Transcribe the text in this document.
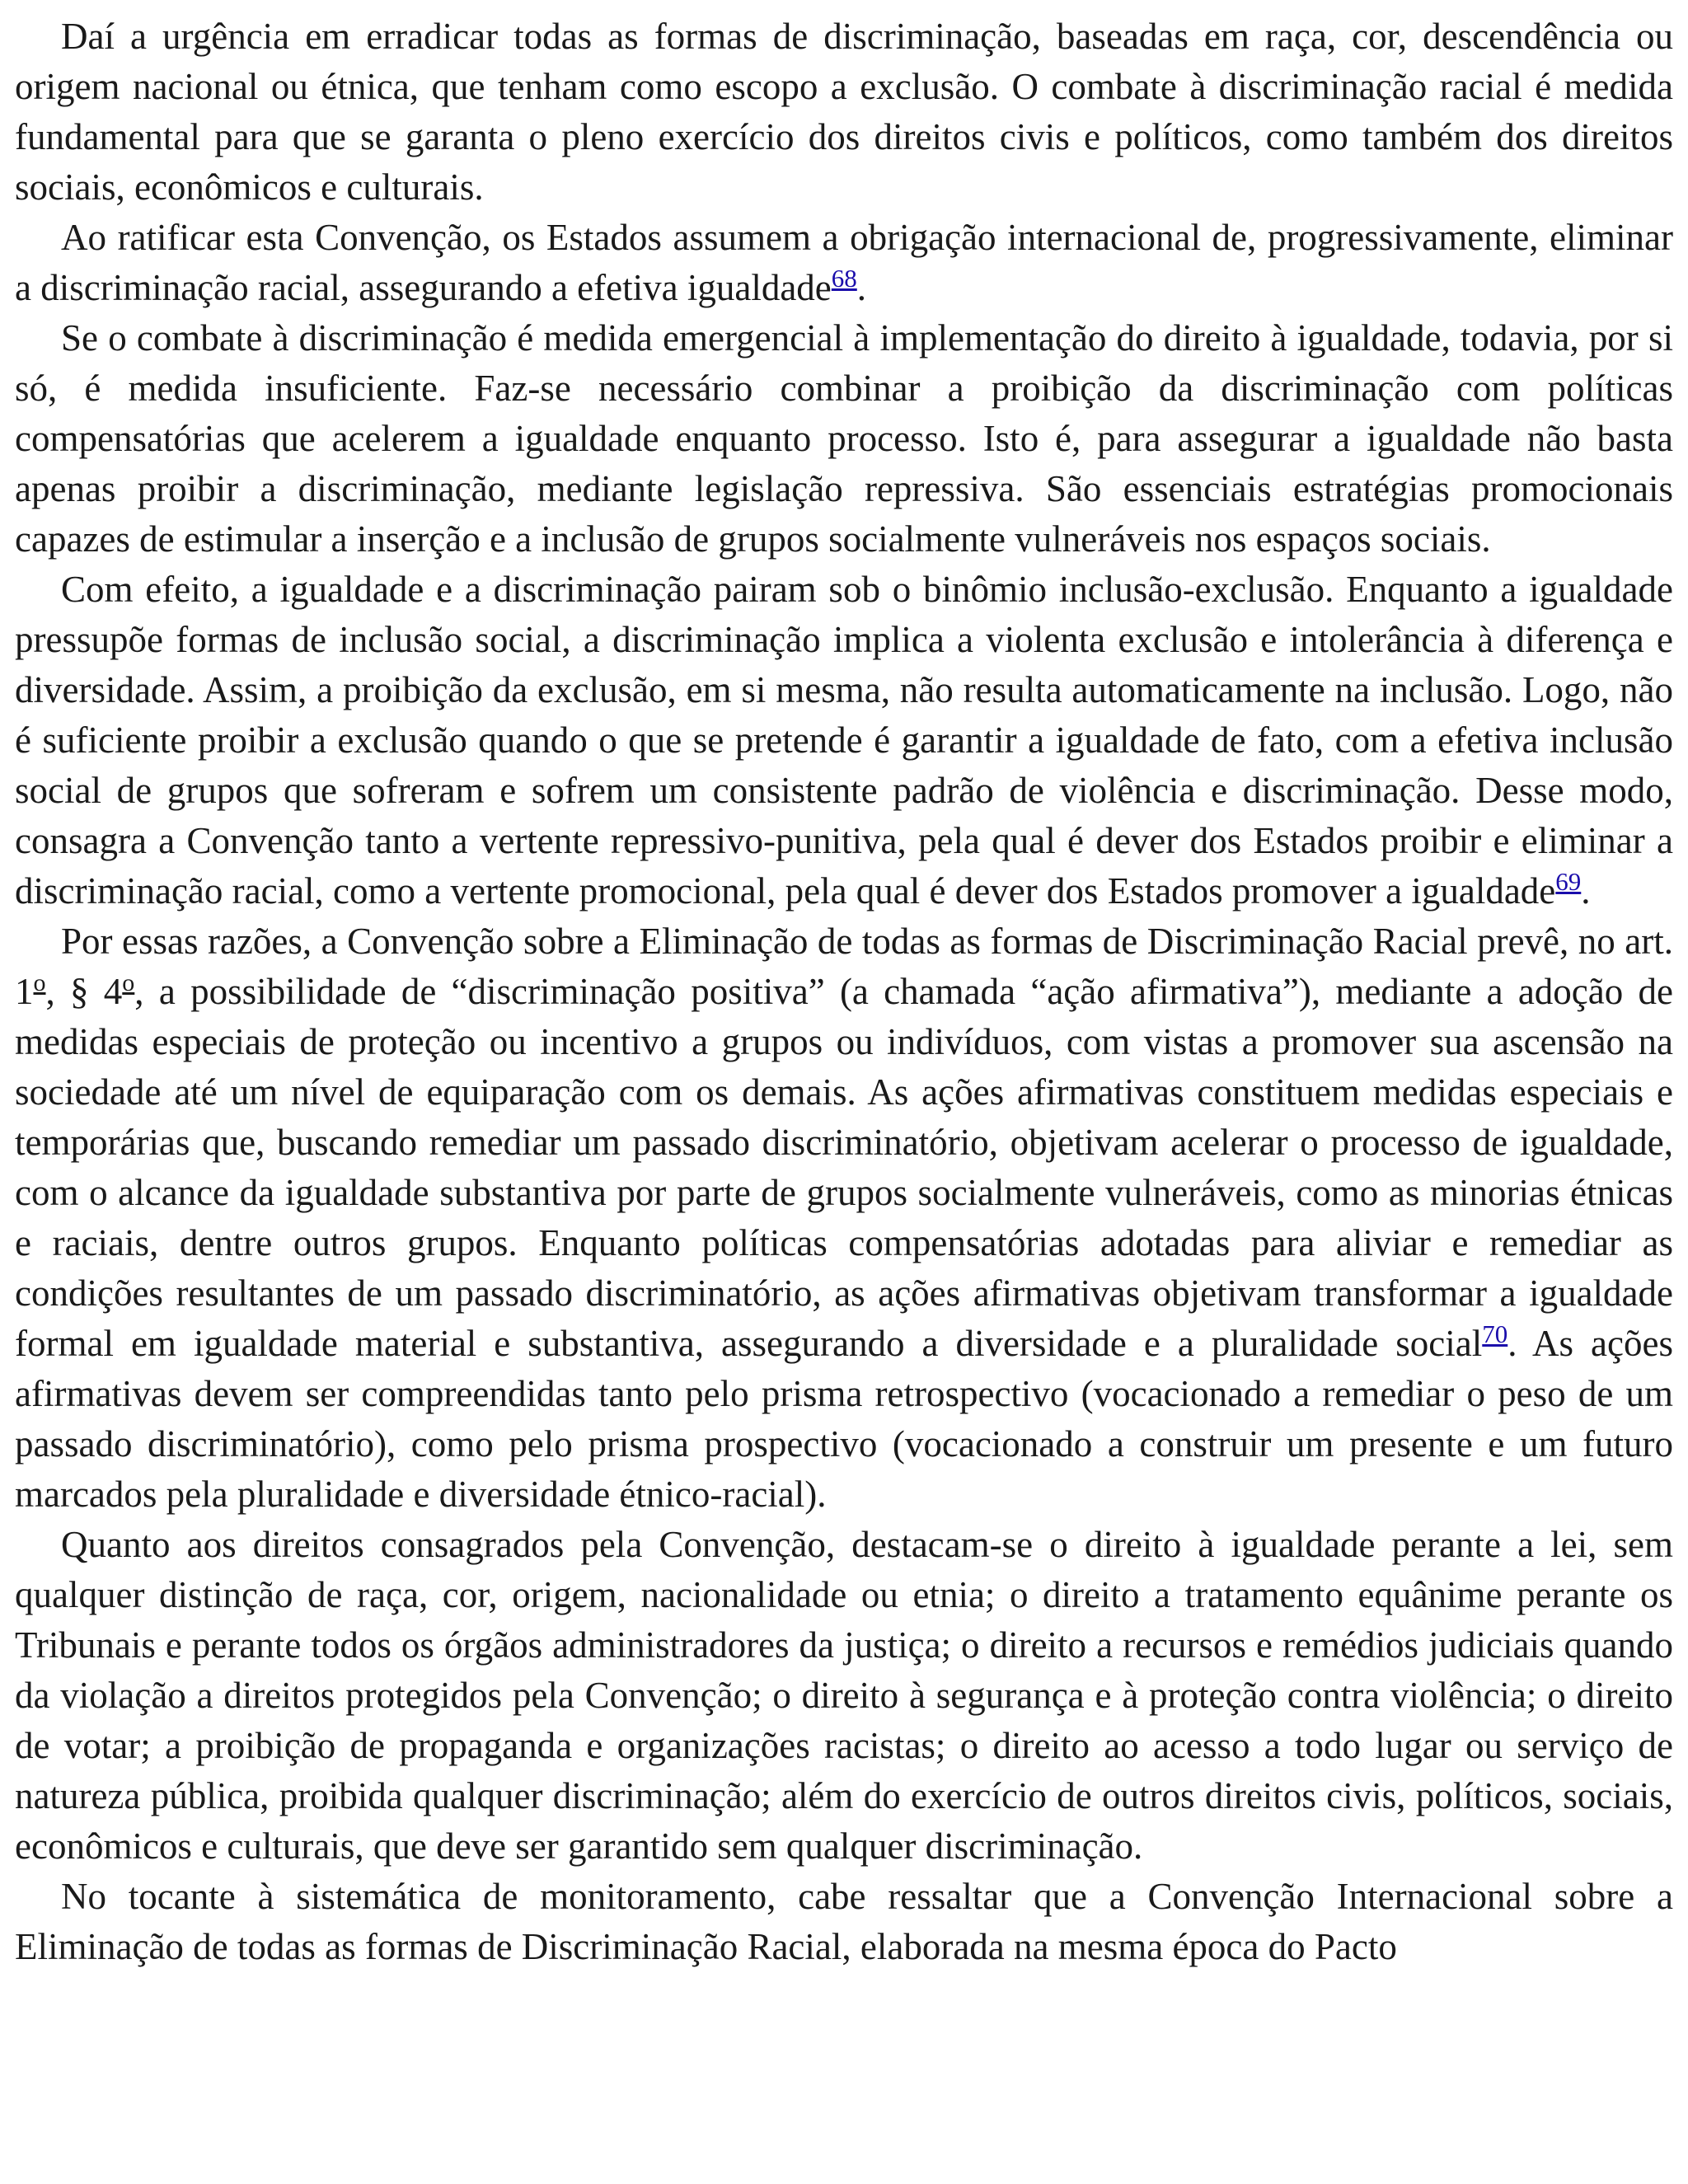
Daí a urgência em erradicar todas as formas de discriminação, baseadas em raça, cor, descendência ou origem nacional ou étnica, que tenham como escopo a exclusão. O combate à discriminação racial é medida fundamental para que se garanta o pleno exercício dos direitos civis e políticos, como também dos direitos sociais, econômicos e culturais.

Ao ratificar esta Convenção, os Estados assumem a obrigação internacional de, progressivamente, eliminar a discriminação racial, assegurando a efetiva igualdade$^{68}$.

Se o combate à discriminação é medida emergencial à implementação do direito à igualdade, todavia, por si só, é medida insuficiente. Faz-se necessário combinar a proibição da discriminação com políticas compensatórias que acelerem a igualdade enquanto processo. Isto é, para assegurar a igualdade não basta apenas proibir a discriminação, mediante legislação repressiva. São essenciais estratégias promocionais capazes de estimular a inserção e a inclusão de grupos socialmente vulneráveis nos espaços sociais.

Com efeito, a igualdade e a discriminação pairam sob o binômio inclusão-exclusão. Enquanto a igualdade pressupõe formas de inclusão social, a discriminação implica a violenta exclusão e intolerância à diferença e diversidade. Assim, a proibição da exclusão, em si mesma, não resulta automaticamente na inclusão. Logo, não é suficiente proibir a exclusão quando o que se pretende é garantir a igualdade de fato, com a efetiva inclusão social de grupos que sofreram e sofrem um consistente padrão de violência e discriminação. Desse modo, consagra a Convenção tanto a vertente repressivo-punitiva, pela qual é dever dos Estados proibir e eliminar a discriminação racial, como a vertente promocional, pela qual é dever dos Estados promover a igualdade$^{69}$.

Por essas razões, a Convenção sobre a Eliminação de todas as formas de Discriminação Racial prevê, no art. 1$^o$, § 4$^o$, a possibilidade de “discriminação positiva” (a chamada “ação afirmativa”), mediante a adoção de medidas especiais de proteção ou incentivo a grupos ou indivíduos, com vistas a promover sua ascensão na sociedade até um nível de equiparação com os demais. As ações afirmativas constituem medidas especiais e temporárias que, buscando remediar um passado discriminatório, objetivam acelerar o processo de igualdade, com o alcance da igualdade substantiva por parte de grupos socialmente vulneráveis, como as minorias étnicas e raciais, dentre outros grupos. Enquanto políticas compensatórias adotadas para aliviar e remediar as condições resultantes de um passado discriminatório, as ações afirmativas objetivam transformar a igualdade formal em igualdade material e substantiva, assegurando a diversidade e a pluralidade social$^{70}$. As ações afirmativas devem ser compreendidas tanto pelo prisma retrospectivo (vocacionado a remediar o peso de um passado discriminatório), como pelo prisma prospectivo (vocacionado a construir um presente e um futuro marcados pela pluralidade e diversidade étnico-racial).

Quanto aos direitos consagrados pela Convenção, destacam-se o direito à igualdade perante a lei, sem qualquer distinção de raça, cor, origem, nacionalidade ou etnia; o direito a tratamento equânime perante os Tribunais e perante todos os órgãos administradores da justiça; o direito a recursos e remédios judiciais quando da violação a direitos protegidos pela Convenção; o direito à segurança e à proteção contra violência; o direito de votar; a proibição de propaganda e organizações racistas; o direito ao acesso a todo lugar ou serviço de natureza pública, proibida qualquer discriminação; além do exercício de outros direitos civis, políticos, sociais, econômicos e culturais, que deve ser garantido sem qualquer discriminação.

No tocante à sistemática de monitoramento, cabe ressaltar que a Convenção Internacional sobre a Eliminação de todas as formas de Discriminação Racial, elaborada na mesma época do Pacto
